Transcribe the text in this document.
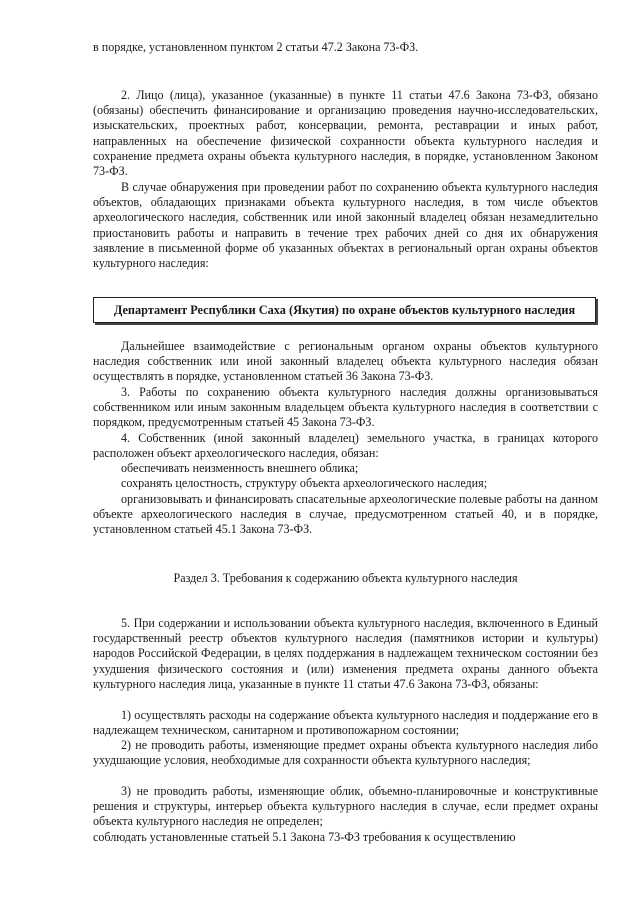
в порядке, установленном пунктом 2 статьи 47.2 Закона 73-ФЗ.

2. Лицо (лица), указанное (указанные) в пункте 11 статьи 47.6 Закона 73-ФЗ, обязано (обязаны) обеспечить финансирование и организацию проведения научно-исследовательских, изыскательских, проектных работ, консервации, ремонта, реставрации и иных работ, направленных на обеспечение физической сохранности объекта культурного наследия и сохранение предмета охраны объекта культурного наследия, в порядке, установленном Законом 73-ФЗ.

В случае обнаружения при проведении работ по сохранению объекта культурного наследия объектов, обладающих признаками объекта культурного наследия, в том числе объектов археологического наследия, собственник или иной законный владелец обязан незамедлительно приостановить работы и направить в течение трех рабочих дней со дня их обнаружения заявление в письменной форме об указанных объектах в региональный орган охраны объектов культурного наследия:

Департамент Республики Саха (Якутия) по охране объектов культурного наследия

Дальнейшее взаимодействие с региональным органом охраны объектов культурного наследия собственник или иной законный владелец объекта культурного наследия обязан осуществлять в порядке, установленном статьей 36 Закона 73-ФЗ.

3. Работы по сохранению объекта культурного наследия должны организовываться собственником или иным законным владельцем объекта культурного наследия в соответствии с порядком, предусмотренным статьей 45 Закона 73-ФЗ.

4. Собственник (иной законный владелец) земельного участка, в границах которого расположен объект археологического наследия, обязан:

обеспечивать неизменность внешнего облика;

сохранять целостность, структуру объекта археологического наследия;

организовывать и финансировать спасательные археологические полевые работы на данном объекте археологического наследия в случае, предусмотренном статьей 40, и в порядке, установленном статьей 45.1 Закона 73-ФЗ.

Раздел 3. Требования к содержанию объекта культурного наследия

5. При содержании и использовании объекта культурного наследия, включенного в Единый государственный реестр объектов культурного наследия (памятников истории и культуры) народов Российской Федерации, в целях поддержания в надлежащем техническом состоянии без ухудшения физического состояния и (или) изменения предмета охраны данного объекта культурного наследия лица, указанные в пункте 11 статьи 47.6 Закона 73-ФЗ, обязаны:

1) осуществлять расходы на содержание объекта культурного наследия и поддержание его в надлежащем техническом, санитарном и противопожарном состоянии;

2) не проводить работы, изменяющие предмет охраны объекта культурного наследия либо ухудшающие условия, необходимые для сохранности объекта культурного наследия;

3) не проводить работы, изменяющие облик, объемно-планировочные и конструктивные решения и структуры, интерьер объекта культурного наследия в случае, если предмет охраны объекта культурного наследия не определен;

соблюдать установленные статьей 5.1 Закона 73-ФЗ требования к осуществлению
